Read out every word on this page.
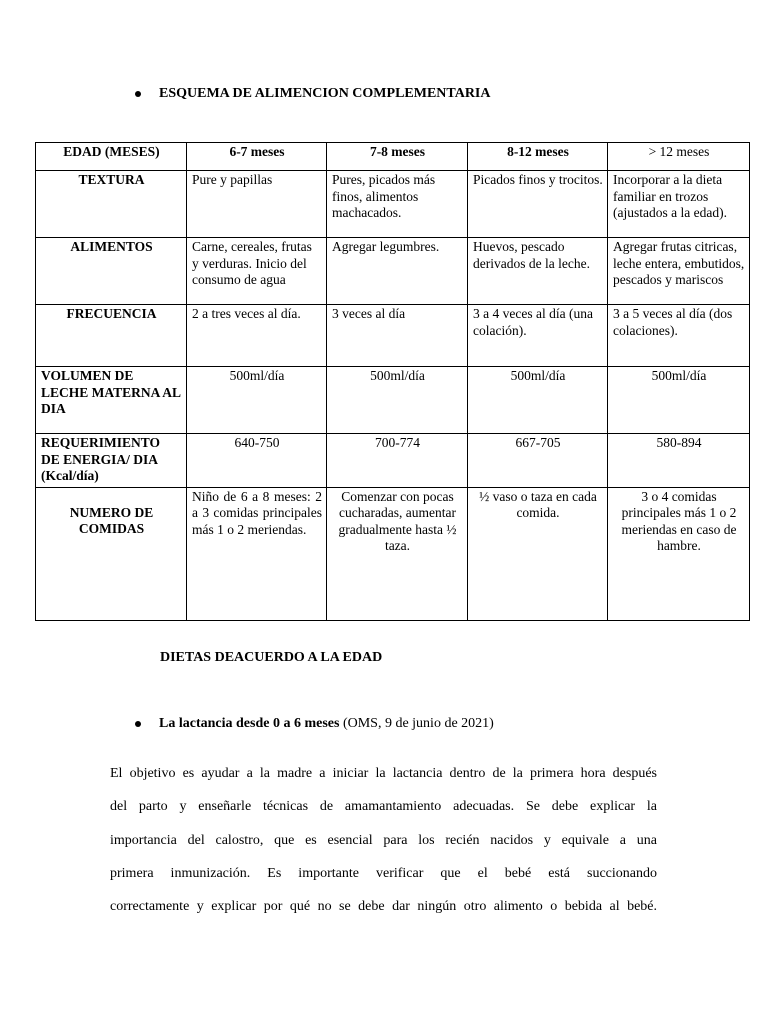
ESQUEMA DE ALIMENCION COMPLEMENTARIA
EDAD (MESES)	6-7 meses	7-8 meses	8-12 meses	> 12 meses
TEXTURA	Pure y papillas	Pures, picados más finos, alimentos machacados.	Picados finos y trocitos.	Incorporar a la dieta familiar en trozos (ajustados a la edad).
ALIMENTOS	Carne, cereales, frutas y verduras. Inicio del consumo de agua	Agregar legumbres.	Huevos, pescado derivados de la leche.	Agregar frutas citricas, leche entera, embutidos, pescados y mariscos
FRECUENCIA	2 a tres veces al día.	3 veces al día	3 a 4 veces al día (una colación).	3 a 5 veces al día (dos colaciones).
VOLUMEN DE LECHE MATERNA AL DIA	500ml/día	500ml/día	500ml/día	500ml/día
REQUERIMIENTO DE ENERGIA/ DIA (Kcal/día)	640-750	700-774	667-705	580-894
NUMERO DE COMIDAS	Niño de 6 a 8 meses: 2 a 3 comidas principales más 1 o 2 meriendas.	Comenzar con pocas cucharadas, aumentar gradualmente hasta ½ taza.	½ vaso o taza en cada comida.	3 o 4 comidas principales más 1 o 2 meriendas en caso de hambre.
DIETAS DEACUERDO A LA EDAD
La lactancia desde 0 a 6 meses (OMS, 9 de junio de 2021)
El objetivo es ayudar a la madre a iniciar la lactancia dentro de la primera hora después
del parto y enseñarle técnicas de amamantamiento adecuadas. Se debe explicar la
importancia del calostro, que es esencial para los recién nacidos y equivale a una
primera inmunización. Es importante verificar que el bebé está succionando
correctamente y explicar por qué no se debe dar ningún otro alimento o bebida al bebé.
